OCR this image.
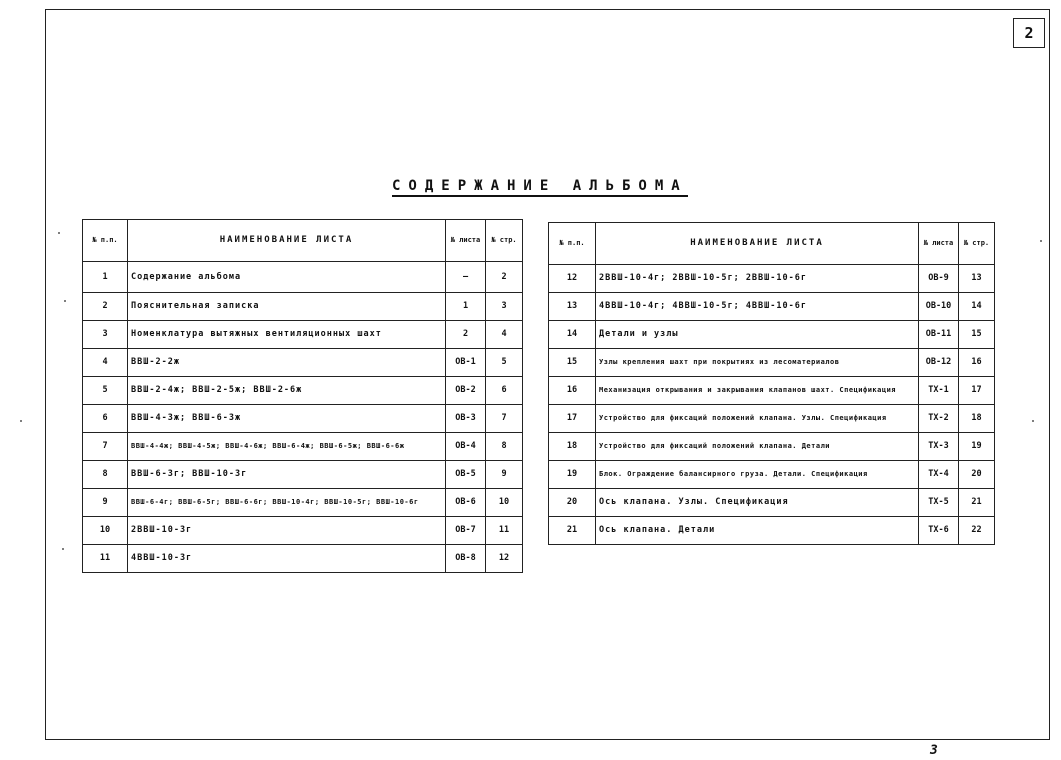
2
СОДЕРЖАНИЕ АЛЬБОМА
3
№ п.п.	НАИМЕНОВАНИЕ ЛИСТА	№ листа	№ стр.
1	Содержание альбома	—	2
2	Пояснительная записка	1	3
3	Номенклатура вытяжных вентиляционных шахт	2	4
4	ВВШ-2-2ж	ОВ-1	5
5	ВВШ-2-4ж; ВВШ-2-5ж; ВВШ-2-6ж	ОВ-2	6
6	ВВШ-4-3ж; ВВШ-6-3ж	ОВ-3	7
7	ВВШ-4-4ж; ВВШ-4-5ж; ВВШ-4-6ж; ВВШ-6-4ж; ВВШ-6-5ж; ВВШ-6-6ж	ОВ-4	8
8	ВВШ-6-3г; ВВШ-10-3г	ОВ-5	9
9	ВВШ-6-4г; ВВШ-6-5г; ВВШ-6-6г; ВВШ-10-4г; ВВШ-10-5г; ВВШ-10-6г	ОВ-6	10
10	2ВВШ-10-3г	ОВ-7	11
11	4ВВШ-10-3г	ОВ-8	12
№ п.п.	НАИМЕНОВАНИЕ ЛИСТА	№ листа	№ стр.
12	2ВВШ-10-4г; 2ВВШ-10-5г; 2ВВШ-10-6г	ОВ-9	13
13	4ВВШ-10-4г; 4ВВШ-10-5г; 4ВВШ-10-6г	ОВ-10	14
14	Детали и узлы	ОВ-11	15
15	Узлы крепления шахт при покрытиях из лесоматериалов	ОВ-12	16
16	Механизация открывания и закрывания клапанов шахт. Спецификация	ТХ-1	17
17	Устройство для фиксаций положений клапана. Узлы. Спецификация	ТХ-2	18
18	Устройство для фиксаций положений клапана. Детали	ТХ-3	19
19	Блок. Ограждение балансирного груза. Детали. Спецификация	ТХ-4	20
20	Ось клапана. Узлы. Спецификация	ТХ-5	21
21	Ось клапана. Детали	ТХ-6	22
